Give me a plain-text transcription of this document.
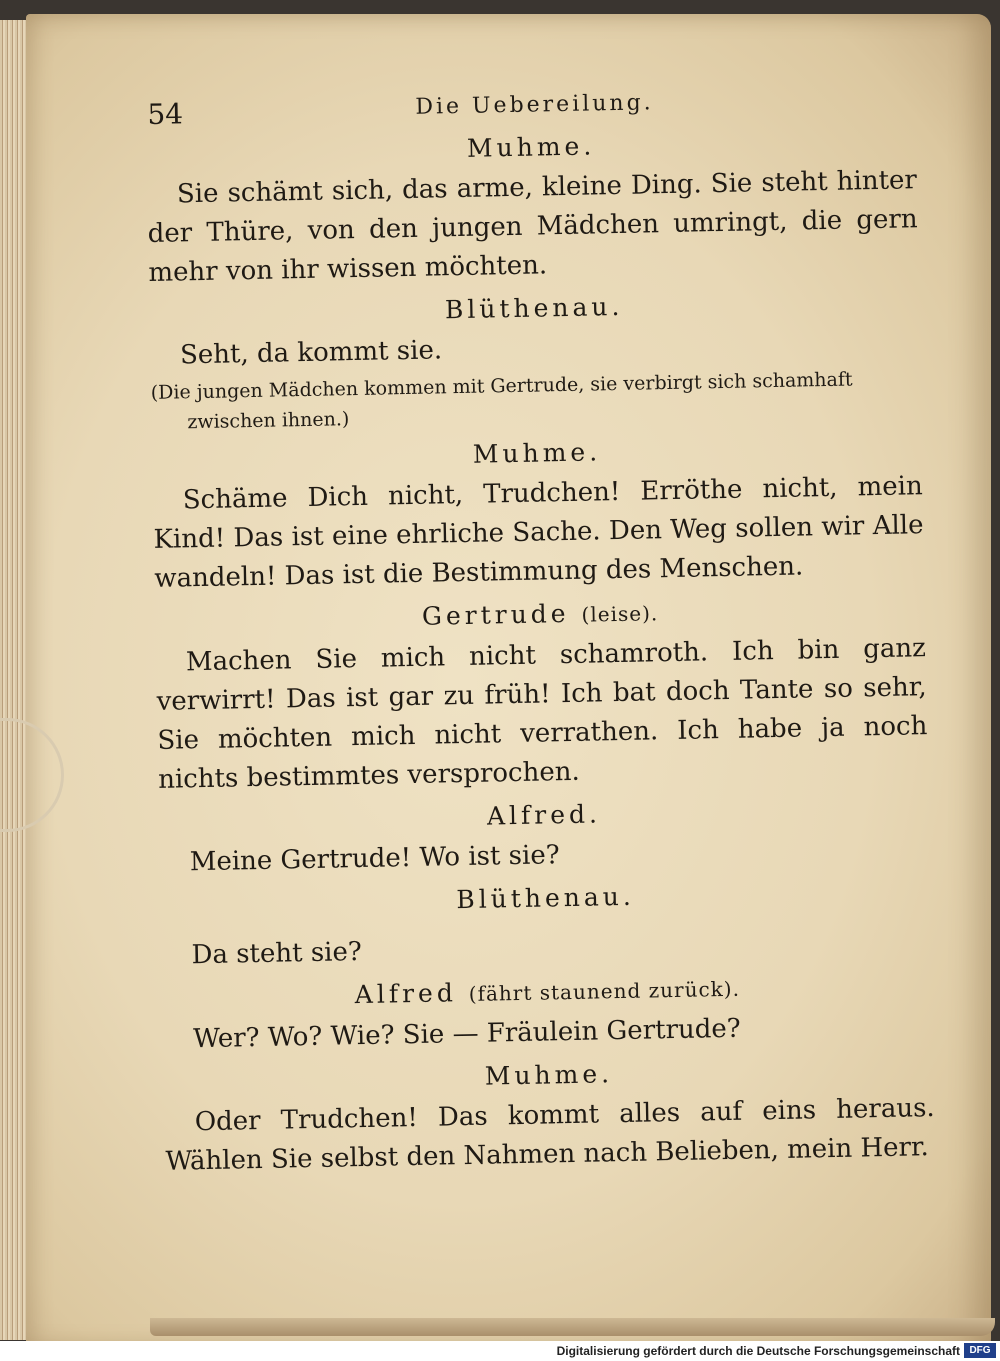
54	Die Uebereilung.
Muhme.

Sie schämt sich, das arme, kleine Ding. Sie steht hinter der Thüre, von den jungen Mädchen umringt, die gern mehr von ihr wissen möchten.

Blüthenau.

Seht, da kommt sie.

(Die jungen Mädchen kommen mit Gertrude, sie verbirgt sich schamhaft
zwischen ihnen.)
Muhme.

Schäme Dich nicht, Trudchen! Erröthe nicht, mein Kind! Das ist eine ehrliche Sache. Den Weg sollen wir Alle wandeln! Das ist die Bestimmung des Menschen.

Gertrude (leise).

Machen Sie mich nicht schamroth. Ich bin ganz verwirrt! Das ist gar zu früh! Ich bat doch Tante so sehr, Sie möchten mich nicht verrathen. Ich habe ja noch nichts bestimmtes versprochen.

Alfred.

Meine Gertrude! Wo ist sie?

Blüthenau.

Da steht sie?

Alfred (fährt staunend zurück).

Wer? Wo? Wie? Sie — Fräulein Gertrude?

Muhme.

Oder Trudchen! Das kommt alles auf eins heraus. Wählen Sie selbst den Nahmen nach Belieben, mein Herr.

Digitalisierung gefördert durch die Deutsche Forschungsgemeinschaft DFG
